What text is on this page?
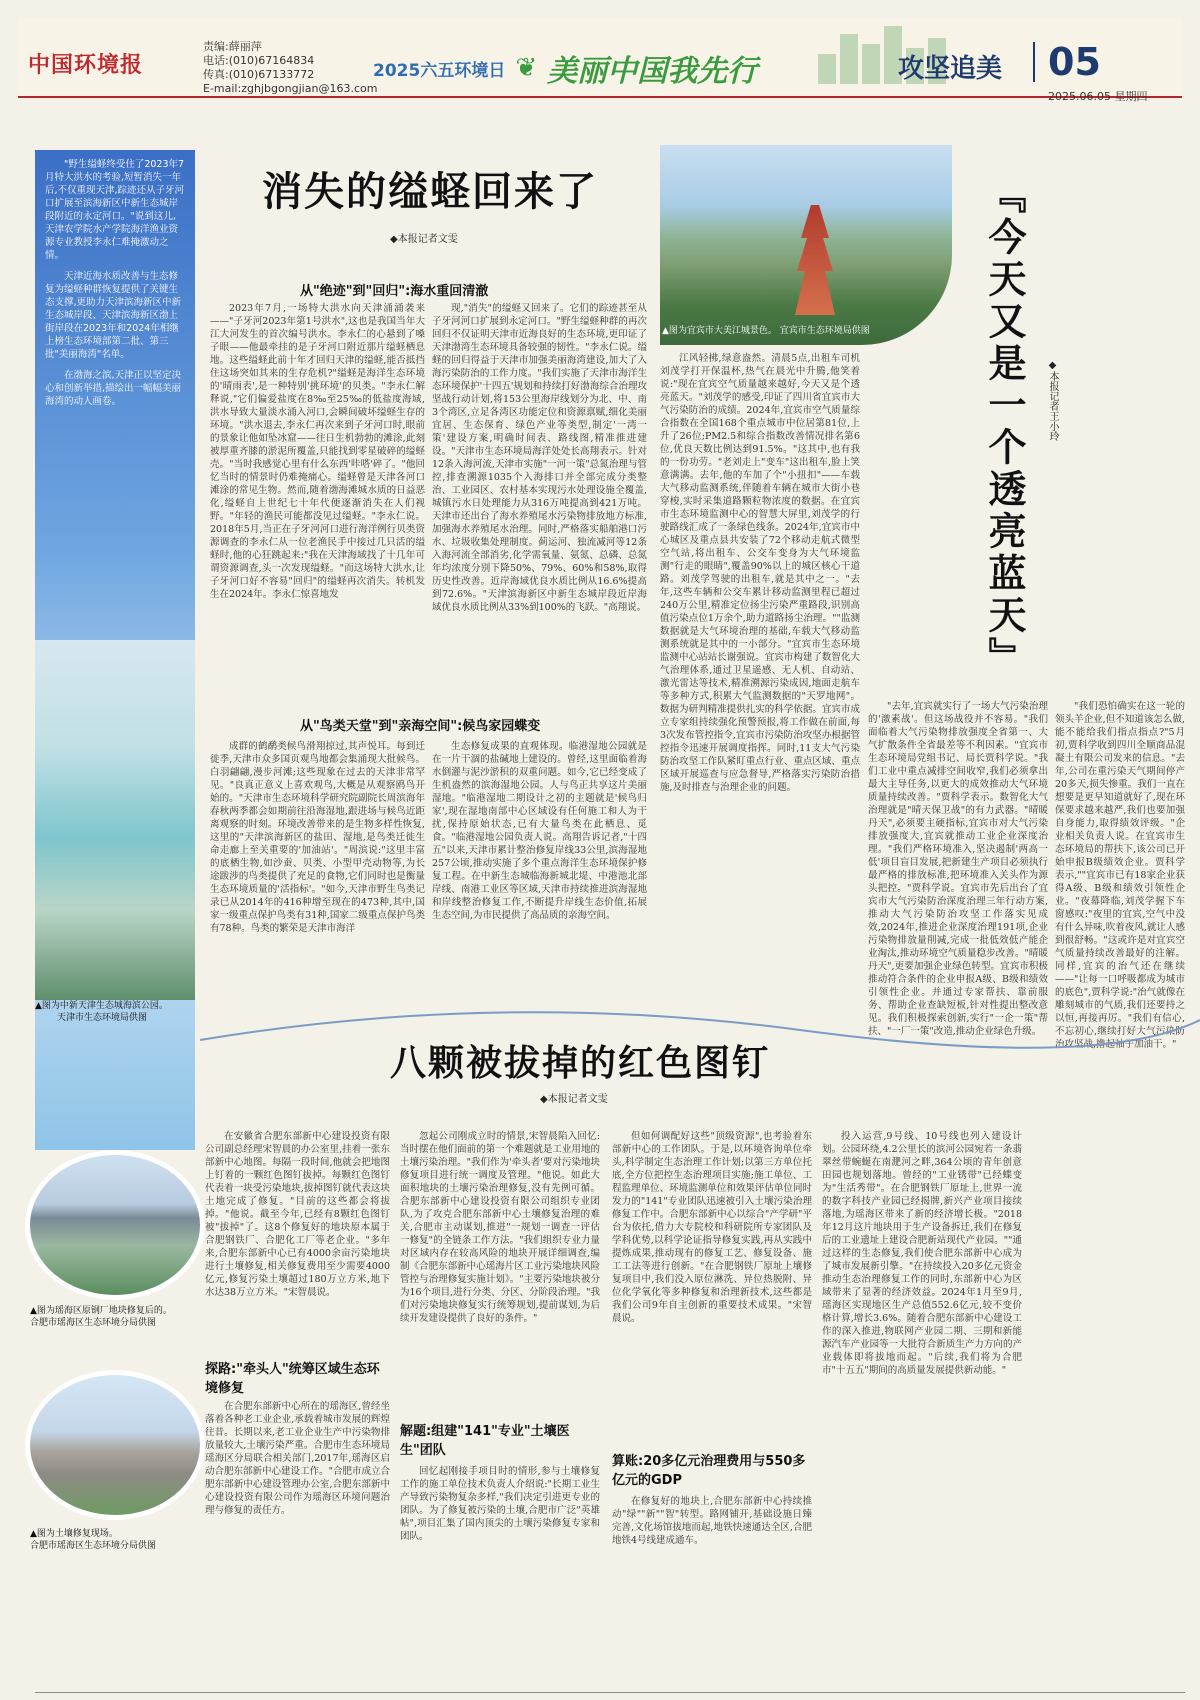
中国环境报
责编:薛丽萍
电话:(010)67164834
传真:(010)67133772
E-mail:zghjbgongjian@163.com
2025六五环境日 ❦ 美丽中国我先行	攻坚追美 05
2025.06.05 星期四

"野生缢蛏终受住了2023年7月特大洪水的考验,短暂消失一年后,不仅重现天津,踪迹还从子牙河口扩展至滨海新区中新生态城岸段附近的永定河口。"说到这儿,天津农学院水产学院海洋渔业资源专业教授李永仁难掩激动之情。

天津近海水质改善与生态修复为缢蛏种群恢复提供了关键生态支撑,更助力天津滨海新区中新生态城岸段、天津滨海新区渤上街岸段在2023年和2024年相继上榜生态环境部第二批、第三批"美丽海湾"名单。

在渤海之滨,天津正以坚定决心和创新举措,描绘出一幅幅美丽海湾的动人画卷。

▲图为中新天津生态城海滨公园。
天津市生态环境局供图
消失的缢蛏回来了
◆本报记者文雯
从"绝迹"到"回归":海水重回清澈
2023年7月,一场特大洪水向天津涌涌袭来——"子牙河2023年第1号洪水",这也是我国当年大江大河发生的首次编号洪水。李永仁的心悬到了嗓子眼——他最牵挂的是子牙河口附近那片缢蛏栖息地。这些缢蛏此前十年才回归天津的缢蛏,能否抵挡住这场突如其来的生存危机?"缢蛏是海洋生态环境的'晴雨表',是一种特别'挑环境'的贝类。"李永仁解释说,"它们偏爱盐度在8‰至25‰的低盐度海域,洪水导致大量淡水涌入河口,会瞬间破坏缢蛏生存的环境。"洪水退去,李永仁再次来到子牙河口时,眼前的景象让他如坠冰窟——往日生机勃勃的滩涂,此刻被厚重齐膝的淤泥所覆盖,只能找到零星破碎的缢蛏壳。"当时我感觉心里有什么东西'咔嗒'碎了。"他回忆当时的情景时仍难掩痛心。缢蛏曾是天津各河口滩涂的常见生物。然而,随着渤海滩城水质的日益恶化,缢蛏自上世纪七十年代便逐渐消失在人们视野。"年轻的渔民可能都没见过缢蛏。"李永仁说。2018年5月,当正在子牙河河口进行海洋例行贝类资源调查的李永仁从一位老渔民手中接过几只活的缢蛏时,他的心狂跳起来:"我在天津海域找了十几年可谓资源调查,头一次发现缢蛏。"而这场特大洪水,让子牙河口好不容易"回归"的缢蛏再次消失。转机发生在2024年。李永仁惊喜地发
现,"消失"的缢蛏又回来了。它们的踪迹甚至从子牙河河口扩展到永定河口。"野生缢蛏种群的再次回归不仅证明天津市近海良好的生态环境,更印证了天津渤湾生态环境具备较强的韧性。"李永仁说。缢蛏的回归得益于天津市加强美丽海湾建设,加大了入海污染防治的工作力度。"我们实施了天津市海洋生态环境保护'十四五'规划和持续打好渤海综合治理攻坚战行动计划,将153公里海岸线划分为北、中、南3个湾区,立足各湾区功能定位和资源禀赋,细化美丽宜居、生态保育、绿色产业等类型,制定'一湾一策'建设方案,明确时间表、路线图,精准推进建设。"天津市生态环境局海洋处处长高翔表示。针对12条入海河流,天津市实施"一河一策"总氮治理与管控,排查溯源1035个入海排口并全部完成分类整治、工业园区、农村基本实现污水处理设施全覆盖,城镇污水日处理能力从316万吨提高到421万吨。天津市还出台了海水养殖尾水污染物排放地方标准,加强海水养殖尾水治理。同时,严格落实船舶港口污水、垃圾收集处理制度。蓟运河、独流减河等12条入海河流全部消劣,化学需氧量、氨氮、总磷、总氮年均浓度分别下降50%、79%、60%和58%,取得历史性改善。近岸海域优良水质比例从16.6%提高到72.6%。"天津滨海新区中新生态城岸段近岸海域优良水质比例从33%到100%的飞跃。"高翔说。
从"鸟类天堂"到"亲海空间":候鸟家园蝶变
成群的鹤鹬类候鸟滑翔掠过,其声悦耳。每到迁徙季,天津市众多国页观鸟地都会集涌现大批候鸟。白羽翩翩,漫步河滩;这些现象在过去的天津非常罕见。"良真正意义上喜欢观鸟,大概是从观察鸥鸟开始的。"天津市生态环境科学研究院副院长周滨海年春秋两季都会如期前往沿海湿地,跟进场与候鸟近距离观察的时刻。环境改善带来的是生物多样性恢复,这里的"天津滨海新区的盐田、湿地,是鸟类迁徙生命走廊上至关重要的'加油站'。"周滨说:"这里丰富的底栖生物,如沙蚕、贝类、小型甲壳动物等,为长途跋涉的鸟类提供了充足的食物,它们同时也是衡量生态环境质量的'活指标'。"如今,天津市野生鸟类记录已从2014年的416种增至现在的473种,其中,国家一级重点保护鸟类有31种,国家二级重点保护鸟类有78种。鸟类的繁荣是天津市海洋
生态修复成果的直观体现。临港湿地公园就是在一片干涸的盐碱地上建设的。曾经,这里面临着海水倒灌与泥沙淤积的双重问题。如今,它已经变成了生机盎然的滨海湿地公园。人与鸟正共享这片美丽湿地。"临港湿地二期设计之初的主题就是'候鸟归家',现在湿地南部中心区域设有任何施工和人为干扰,保持原始状态,已有大量鸟类在此栖息、觅食。"临港湿地公园负责人说。高翔告诉记者,"十四五"以来,天津市累计整治修复岸线33公里,滨海湿地257公顷,推动实施了多个重点海洋生态环境保护修复工程。在中新生态城临海新城北堤、中港池北部岸线、南港工业区等区域,天津市持续推进滨海湿地和岸线整治修复工作,不断提升岸线生态价值,拓展生态空间,为市民提供了高品质的亲海空间。
▲图为宜宾市大美江城景色。 宜宾市生态环境局供图	『今天又是一个透亮蓝天』	◆本报记者王小玲
江风轻拂,绿意盎然。清晨5点,出租车司机刘茂学打开保温杯,热气在晨光中升腾,他笑着说:"现在宜宾空气质量越来越好,今天又是个透亮蓝天。"刘茂学的感受,印证了四川省宜宾市大气污染防治的成绩。2024年,宜宾市空气质量综合指数在全国168个重点城市中位居第81位,上升了26位;PM2.5和综合指数改善情况排名第6位,优良天数比例达到91.5%。"这其中,也有我的一份功劳。"老刘走上"变车"这出租车,脸上笑意满满。去年,他的车加了个"小扭扣"——车载大气移动监测系统,伴随着车辆在城市大街小巷穿梭,实时采集道路颗粒物浓度的数据。在宜宾市生态环境监测中心的智慧大屏里,刘茂学的行驶路线汇成了一条绿色线条。2024年,宜宾市中心城区及重点县共安装了72个移动走航式微型空气站,将出租车、公交车变身为大气环境监测"行走的眼睛",覆盖90%以上的城区核心干道路。刘茂学驾驶的出租车,就是其中之一。"去年,这些车辆和公交车累计移动监测里程已超过240万公里,精准定位扬尘污染严重路段,识别高值污染点位1万余个,助力道路扬尘治理。""监测数据就是大气环境治理的基础,车载大气移动监测系统就是其中的一小部分。"宜宾市生态环境监测中心站站长谢强说。宜宾市构建了数智化大气治理体系,通过卫星遥感、无人机、自动站、激光雷达等技术,精准溯源污染成因,地面走航车等多种方式,积累大气监测数据的"天罗地网"。数据为研判精准提供扎实的科学依据。宜宾市成立专家组持续强化预警预报,将工作做在前面,每3次发布管控指令,宜宾市污染防治攻坚办根据管控指令迅速开展调度指挥。同时,11支大气污染防治攻坚工作队紧盯重点行业、重点区域、重点区域开展巡查与应急督导,严格落实污染防治措施,及时排查与治理企业的问题。
"去年,宜宾就实行了一场大气污染治理的'激素战'。但这场战役并不容易。"我们面临着大气污染物排放强度全省第一、大气扩散条件全省最差等不利因素。"宜宾市生态环境局党组书记、局长贾科学说。"我们工业中重点减排空间收窄,我们必须拿出最大主导任务,以更大的成效推动大气环境质量持续改善。"贾科学表示。数智化大气治理就是"晴天保卫战"的有力武器。"晴暖丹天",必须要主硬指标,宜宾市对大气污染排放强度大,宜宾就推动工业企业深度治理。"我们严格环境准入,坚决遏制'两高一低'项目盲目发展,把新建生产项目必须执行最严格的排放标准,把环境准入关头作为源头把控。"贾科学说。宜宾市先后出台了宜宾市大气污染防治深度治理三年行动方案,推动大气污染防治攻坚工作落实见成效,2024年,推进企业深度治理191项,企业污染物排放量削减,完成一批低效低产能企业淘汰,推动环境空气质量稳步改善。"晴暖丹天",更要加强企业绿色转型。宜宾市积极推动符合条件的企业申报A级、B级和绩效引领性企业。并通过专家帮扶、靠前服务、帮助企业查缺短板,针对性提出整改意见。我们积极探索创新,实行"一企一策"帮扶、"一厂一策"改造,推动企业绿色升级。
"我们恐怕确实在这一轮的领头羊企业,但不知道该怎么做,能不能给我们指点指点?"5月初,贾科学收到四川全顺商品混凝土有限公司发来的信息。"去年,公司在重污染天气期间停产20多天,损失惨重。我们一直在想要是更早知道就好了,现在环保要求越来越严,我们也要加强自身能力,取得绩效评级。"企业相关负责人说。在宜宾市生态环境局的帮扶下,该公司已开始申报B级绩效企业。贾科学表示,""宜宾市已有18家企业获得A级、B级和绩效引领性企业。"夜幕降临,刘茂学握下车窗感叹:"夜里的宜宾,空气中没有什么异味,吹着夜风,就让人感到很舒畅。"这或许是对宜宾空气质量持续改善最好的注解。同样,宜宾的治气还在继续——"让每一口呼吸都成为城市的底色",贾科学说:"治气就像在雕刻城市的气质,我们还要持之以恒,再接再厉。"我们有信心,不忘初心,继续打好大气污染防治攻坚战,撸起袖子加油干。"
八颗被拔掉的红色图钉
◆本报记者文雯
▲图为瑶海区原钢厂地块修复后的。
合肥市瑶海区生态环境分局供图
▲图为土壤修复现场。
合肥市瑶海区生态环境分局供图
在安徽省合肥东部新中心建设投资有限公司副总经理宋智晨的办公室里,挂着一张东部新中心地图。每隔一段时间,他就会把地图上钉着的一颗红色图钉拔掉。每颗红色图钉代表着一块受污染地块,拔掉图钉就代表这块土地完成了修复。"目前的这些都会将拔掉。"他说。截至今年,已经有8颗红色图钉被"拔掉"了。这8个修复好的地块原本属于合肥钢铁厂、合肥化工厂等老企业。"多年来,合肥东部新中心已有4000余亩污染地块进行土壤修复,相关修复费用至少需要4000亿元,修复污染土壤超过180万立方米,地下水达38万立方米。"宋智晨说。
探路:"牵头人"统筹区域生态环境修复
在合肥东部新中心所在的瑶海区,曾经坐落着各种老工业企业,承载着城市发展的辉煌往昔。长期以来,老工业企业生产中污染物排放量较大,土壤污染严重。合肥市生态环境局瑶海区分局联合相关部门,2017年,瑶海区启动合肥东部新中心建设工作。"合肥市成立合肥东部新中心建设管理办公室,合肥东部新中心建设投资有限公司作为瑶海区环境问题治理与修复的责任方。
忽起公司刚成立时的情景,宋智晨陷入回忆:当时摆在他们面前的第一个难题就是工业用地的土壤污染治理。"我们作为'牵头者'要对污染地块修复项目进行统一调度及管理。"他说。如此大面积地块的土壤污染治理修复,没有先例可循。合肥东部新中心建设投资有限公司组织专业团队,为了攻克合肥东部新中心土壤修复治理的难关,合肥市主动谋划,推进"一规划一调查一评估一修复"的全链条工作方法。"我们组织专业力量对区域内存在较高风险的地块开展详细调查,编制《合肥东部新中心瑶海片区工业污染地块风险管控与治理修复实施计划》。"主要污染地块被分为16个项目,进行分类、分区、分阶段治理。"我们对污染地块修复实行统筹规划,提前谋划,为后续开发建设提供了良好的条件。"
解题:组建"141"专业"土壤医生"团队
回忆起刚接手项目时的情形,参与土壤修复工作的施工单位技术负责人介绍说:"长期工业生产导致污染物复杂多样,"我们决定引进更专业的团队。为了修复被污染的土壤,合肥市广泛"英雄帖",项目汇集了国内顶尖的土壤污染修复专家和团队。
但如何调配好这些"顶级资源",也考验着东部新中心的工作团队。于是,以环境咨询单位牵头,科学制定生态治理工作计划;以第三方单位托底,全方位把控生态治理项目实施;施工单位、工程监理单位、环境监测单位和效果评估单位同时发力的"141"专业团队迅速被引入土壤污染治理修复工作中。合肥东部新中心以综合"产学研"平台为依托,借力大专院校和科研院所专家团队及学科优势,以科学论证指导修复实践,再从实践中提炼成果,推动现有的修复工艺、修复设备、施工工法等进行创新。"在合肥钢铁厂原址上壤修复项目中,我们没入原位淋洗、异位热脱附、异位化学氧化等多种修复和治理新技术,这些都是我们公司9年自主创新的重要技术成果。"宋智晨说。
算账:20多亿元治理费用与550多亿元的GDP
在修复好的地块上,合肥东部新中心持续推动"绿""新""智"转型。路网铺开,基础设施日臻完善,文化场馆拔地而起,地铁快速通达全区,合肥地铁4号线建成通车。
投入运营,9号线、10号线也列入建设计划。公园环绕,4.2公里长的滨河公园宛若一条翡翠丝带蜿蜒在南淝河之畔,364公顷的青年创意田园也规划落地。曾经的"工业锈带"已经蝶变为"生活秀带"。在合肥钢铁厂原址上,世界一流的数字科技产业园已经揭牌,新兴产业项目接续落地,为瑶海区带来了新的经济增长极。"2018年12月这片地块用于生产设备拆迁,我们在修复后的工业遗址上建设合肥新站现代产业园。""通过这样的生态修复,我们使合肥东部新中心成为了城市发展新引擎。"在持续投入20多亿元资金推动生态治理修复工作的同时,东部新中心为区域带来了显著的经济效益。2024年1月至9月,瑶海区实现地区生产总值552.6亿元,较不变价格计算,增长3.6%。随着合肥东部新中心建设工作的深入推进,物联网产业园二期、三期和新能源汽车产业园等一大批符合新质生产力方向的产业载体即将拔地而起。"后续,我们将为合肥市"十五五"期间的高质量发展提供新动能。"
